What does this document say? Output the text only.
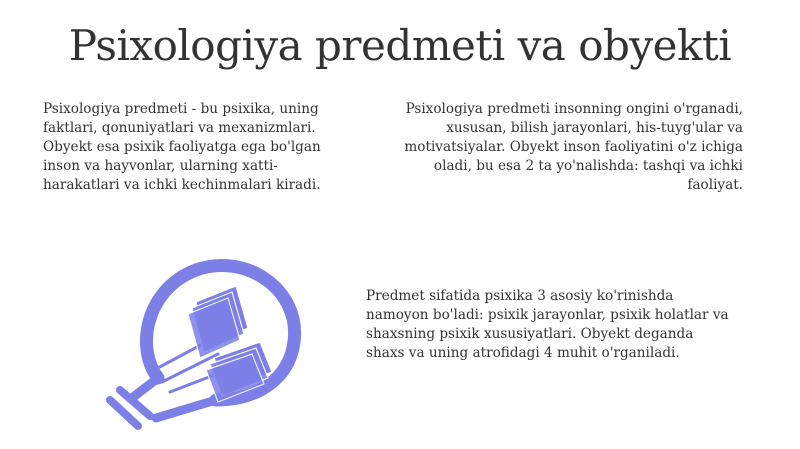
Psixologiya predmeti va obyekti

Psixologiya predmeti - bu psixika, uning faktlari, qonuniyatlari va mexanizmlari. Obyekt esa psixik faoliyatga ega bo'lgan inson va hayvonlar, ularning xatti-harakatlari va ichki kechinmalari kiradi.

Psixologiya predmeti insonning ongini o'rganadi, xususan, bilish jarayonlari, his-tuyg'ular va motivatsiyalar. Obyekt inson faoliyatini o'z ichiga oladi, bu esa 2 ta yo'nalishda: tashqi va ichki faoliyat.

Predmet sifatida psixika 3 asosiy ko'rinishda namoyon bo'ladi: psixik jarayonlar, psixik holatlar va shaxsning psixik xususiyatlari. Obyekt deganda shaxs va uning atrofidagi 4 muhit o'rganiladi.
